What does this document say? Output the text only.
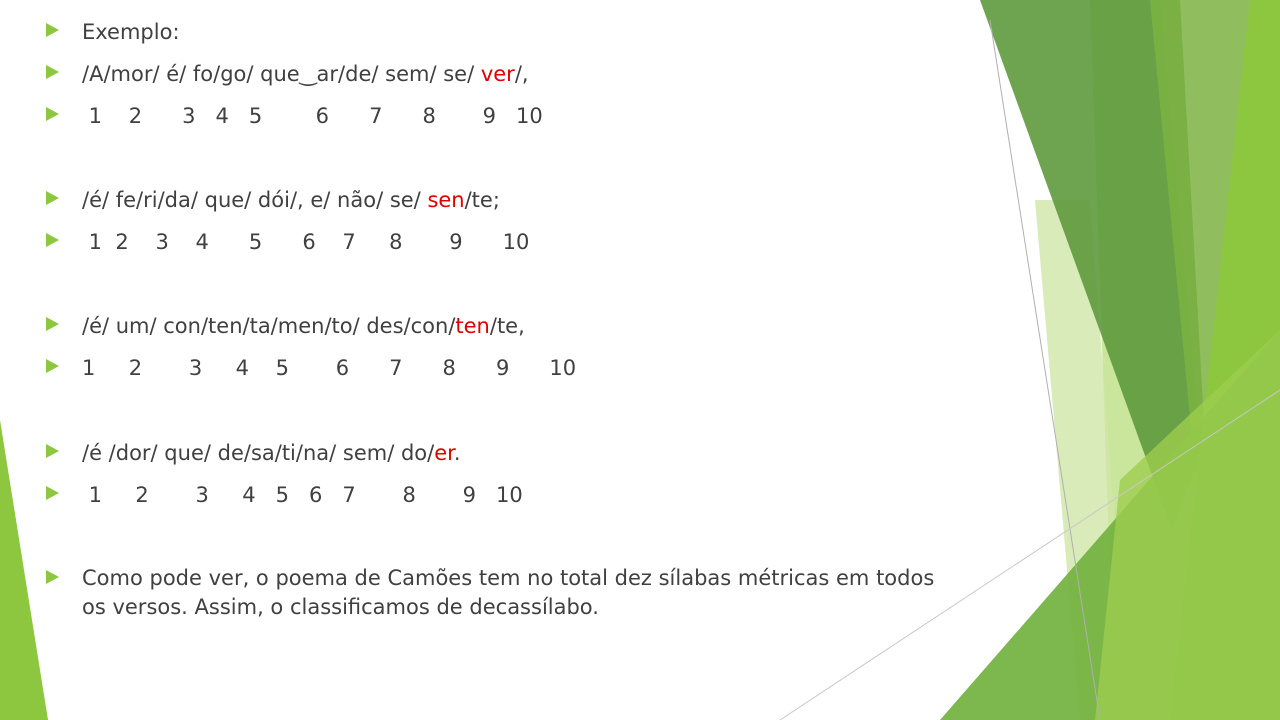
Exemplo:
/A/mor/ é/ fo/go/ que‿ar/de/ sem/ se/ ver/,
1    2      3   4   5        6      7      8       9   10
/é/ fe/ri/da/ que/ dói/, e/ não/ se/ sen/te;
1  2    3    4      5      6    7     8       9      10
/é/ um/ con/ten/ta/men/to/ des/con/ten/te,
1     2       3     4    5       6      7      8      9      10
/é /dor/ que/ de/sa/ti/na/ sem/ do/er.
1     2       3     4   5   6   7       8       9   10
Como pode ver, o poema de Camões tem no total dez sílabas métricas em todos os versos. Assim, o classificamos de decassílabo.
